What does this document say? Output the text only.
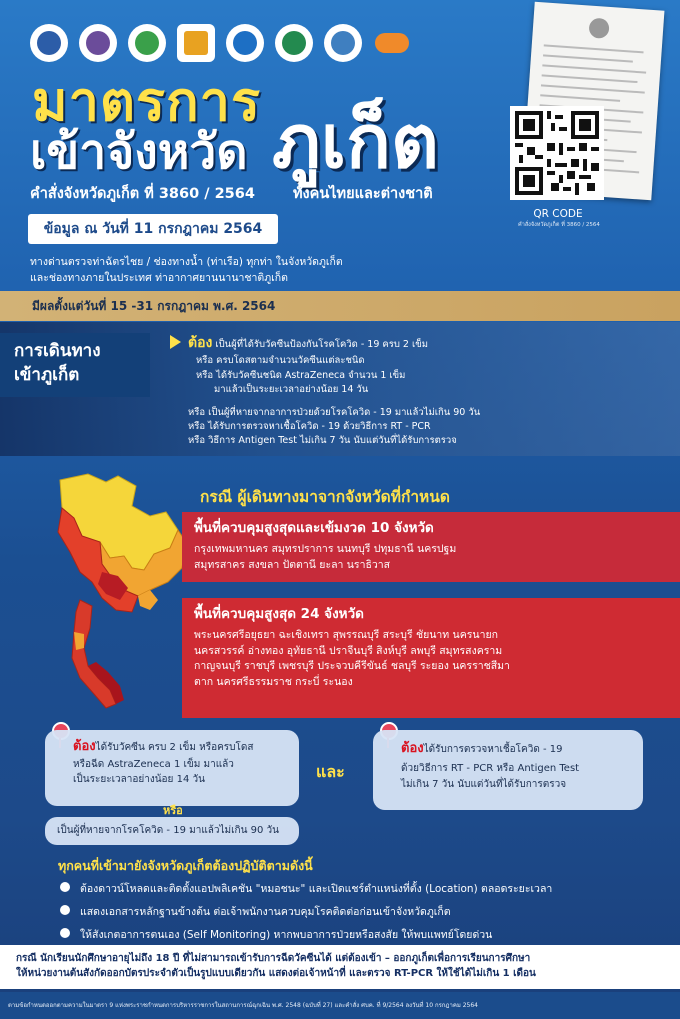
มาตรการ
เข้าจังหวัด ภูเก็ต
คำสั่งจังหวัดภูเก็ต ที่ 3860 / 2564	ทั้งคนไทยและต่างชาติ
QR CODE
คำสั่งจังหวัดภูเก็ต ที่ 3860 / 2564
ข้อมูล ณ วันที่ 11 กรกฎาคม 2564
ทางด่านตรวจท่าฉัตรไชย / ช่องทางน้ำ (ท่าเรือ) ทุกท่า ในจังหวัดภูเก็ต
และช่องทางภายในประเทศ ท่าอากาศยานนานาชาติภูเก็ต
มีผลตั้งแต่วันที่ 15 -31 กรกฎาคม พ.ศ. 2564
การเดินทาง
เข้าภูเก็ต
ต้อง เป็นผู้ที่ได้รับวัคซีนป้องกันโรคโควิด - 19 ครบ 2 เข็ม
หรือ ครบโดสตามจำนวนวัคซีนแต่ละชนิด
หรือ ได้รับวัคซีนชนิด AstraZeneca จำนวน 1 เข็ม
มาแล้วเป็นระยะเวลาอย่างน้อย 14 วัน
หรือ เป็นผู้ที่หายจากอาการป่วยด้วยโรคโควิด - 19 มาแล้วไม่เกิน 90 วัน
หรือ ได้รับการตรวจหาเชื้อโควิด - 19 ด้วยวิธีการ RT - PCR
หรือ วิธีการ Antigen Test ไม่เกิน 7 วัน นับแต่วันที่ได้รับการตรวจ
กรณี ผู้เดินทางมาจากจังหวัดที่กำหนด
พื้นที่ควบคุมสูงสุดและเข้มงวด 10 จังหวัด
กรุงเทพมหานคร สมุทรปราการ นนทบุรี ปทุมธานี นครปฐม
สมุทรสาคร สงขลา ปัตตานี ยะลา นราธิวาส
พื้นที่ควบคุมสูงสุด 24 จังหวัด
พระนครศรีอยุธยา ฉะเชิงเทรา สุพรรณบุรี สระบุรี ชัยนาท นครนายก
นครสวรรค์ อ่างทอง อุทัยธานี ปราจีนบุรี สิงห์บุรี ลพบุรี สมุทรสงคราม
กาญจนบุรี ราชบุรี เพชรบุรี ประจวบคีรีขันธ์ ชลบุรี ระยอง นครราชสีมา
ตาก นครศรีธรรมราช กระบี่ ระนอง
ต้องได้รับวัคซีน ครบ 2 เข็ม หรือครบโดส
หรือฉีด AstraZeneca 1 เข็ม มาแล้ว
เป็นระยะเวลาอย่างน้อย 14 วัน
หรือ
เป็นผู้ที่หายจากโรคโควิด - 19 มาแล้วไม่เกิน 90 วัน
และ
ต้องได้รับการตรวจหาเชื้อโควิด - 19
ด้วยวิธีการ RT - PCR หรือ Antigen Test
ไม่เกิน 7 วัน นับแต่วันที่ได้รับการตรวจ
ทุกคนที่เข้ามายังจังหวัดภูเก็ตต้องปฏิบัติตามดังนี้
ต้องดาวน์โหลดและติดตั้งแอปพลิเคชัน "หมอชนะ" และเปิดแชร์ตำแหน่งที่ตั้ง (Location) ตลอดระยะเวลา
แสดงเอกสารหลักฐานข้างต้น ต่อเจ้าพนักงานควบคุมโรคติดต่อก่อนเข้าจังหวัดภูเก็ต
ให้สังเกตอาการตนเอง (Self Monitoring) หากพบอาการป่วยหรือสงสัย ให้พบแพทย์โดยด่วน
กรณี นักเรียนนักศึกษาอายุไม่ถึง 18 ปี ที่ไม่สามารถเข้ารับการฉีดวัคซีนได้ แต่ต้องเข้า – ออกภูเก็ตเพื่อการเรียนการศึกษา
ให้หน่วยงานต้นสังกัดออกบัตรประจำตัวเป็นรูปแบบเดียวกัน แสดงต่อเจ้าหน้าที่ และตรวจ RT-PCR ให้ใช้ได้ไม่เกิน 1 เดือน
ตามข้อกำหนดออกตามความในมาตรา 9 แห่งพระราชกำหนดการบริหารราชการในสถานการณ์ฉุกเฉิน พ.ศ. 2548 (ฉบับที่ 27) และคำสั่ง ศบค. ที่ 9/2564 ลงวันที่ 10 กรกฎาคม 2564
